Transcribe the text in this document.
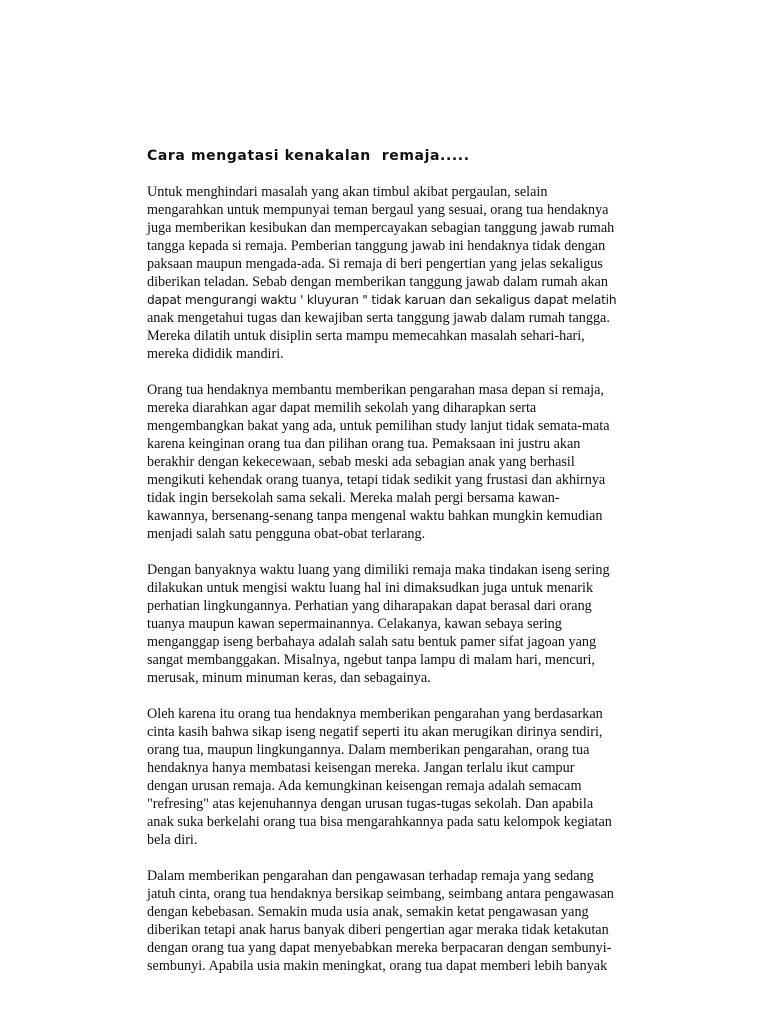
Cara mengatasi kenakalan  remaja.....
Untuk menghindari masalah yang akan timbul akibat pergaulan, selain
mengarahkan untuk mempunyai teman bergaul yang sesuai, orang tua hendaknya
juga memberikan kesibukan dan mempercayakan sebagian tanggung jawab rumah
tangga kepada si remaja. Pemberian tanggung jawab ini hendaknya tidak dengan
paksaan maupun mengada-ada. Si remaja di beri pengertian yang jelas sekaligus
diberikan teladan. Sebab dengan memberikan tanggung jawab dalam rumah akan
dapat mengurangi waktu ' kluyuran " tidak karuan dan sekaligus dapat melatih
anak mengetahui tugas dan kewajiban serta tanggung jawab dalam rumah tangga.
Mereka dilatih untuk disiplin serta mampu memecahkan masalah sehari-hari,
mereka dididik mandiri.
Orang tua hendaknya membantu memberikan pengarahan masa depan si remaja,
mereka diarahkan agar dapat memilih sekolah yang diharapkan serta
mengembangkan bakat yang ada, untuk pemilihan study lanjut tidak semata-mata
karena keinginan orang tua dan pilihan orang tua. Pemaksaan ini justru akan
berakhir dengan kekecewaan, sebab meski ada sebagian anak yang berhasil
mengikuti kehendak orang tuanya, tetapi tidak sedikit yang frustasi dan akhirnya
tidak ingin bersekolah sama sekali. Mereka malah pergi bersama kawan-
kawannya, bersenang-senang tanpa mengenal waktu bahkan mungkin kemudian
menjadi salah satu pengguna obat-obat terlarang.
Dengan banyaknya waktu luang yang dimiliki remaja maka tindakan iseng sering
dilakukan untuk mengisi waktu luang hal ini dimaksudkan juga untuk menarik
perhatian lingkungannya. Perhatian yang diharapakan dapat berasal dari orang
tuanya maupun kawan sepermainannya. Celakanya, kawan sebaya sering
menganggap iseng berbahaya adalah salah satu bentuk pamer sifat jagoan yang
sangat membanggakan. Misalnya, ngebut tanpa lampu di malam hari, mencuri,
merusak, minum minuman keras, dan sebagainya.
Oleh karena itu orang tua hendaknya memberikan pengarahan yang berdasarkan
cinta kasih bahwa sikap iseng negatif seperti itu akan merugikan dirinya sendiri,
orang tua, maupun lingkungannya. Dalam memberikan pengarahan, orang tua
hendaknya hanya membatasi keisengan mereka. Jangan terlalu ikut campur
dengan urusan remaja. Ada kemungkinan keisengan remaja adalah semacam
"refresing" atas kejenuhannya dengan urusan tugas-tugas sekolah. Dan apabila
anak suka berkelahi orang tua bisa mengarahkannya pada satu kelompok kegiatan
bela diri.
Dalam memberikan pengarahan dan pengawasan terhadap remaja yang sedang
jatuh cinta, orang tua hendaknya bersikap seimbang, seimbang antara pengawasan
dengan kebebasan. Semakin muda usia anak, semakin ketat pengawasan yang
diberikan tetapi anak harus banyak diberi pengertian agar meraka tidak ketakutan
dengan orang tua yang dapat menyebabkan mereka berpacaran dengan sembunyi-
sembunyi. Apabila usia makin meningkat, orang tua dapat memberi lebih banyak
